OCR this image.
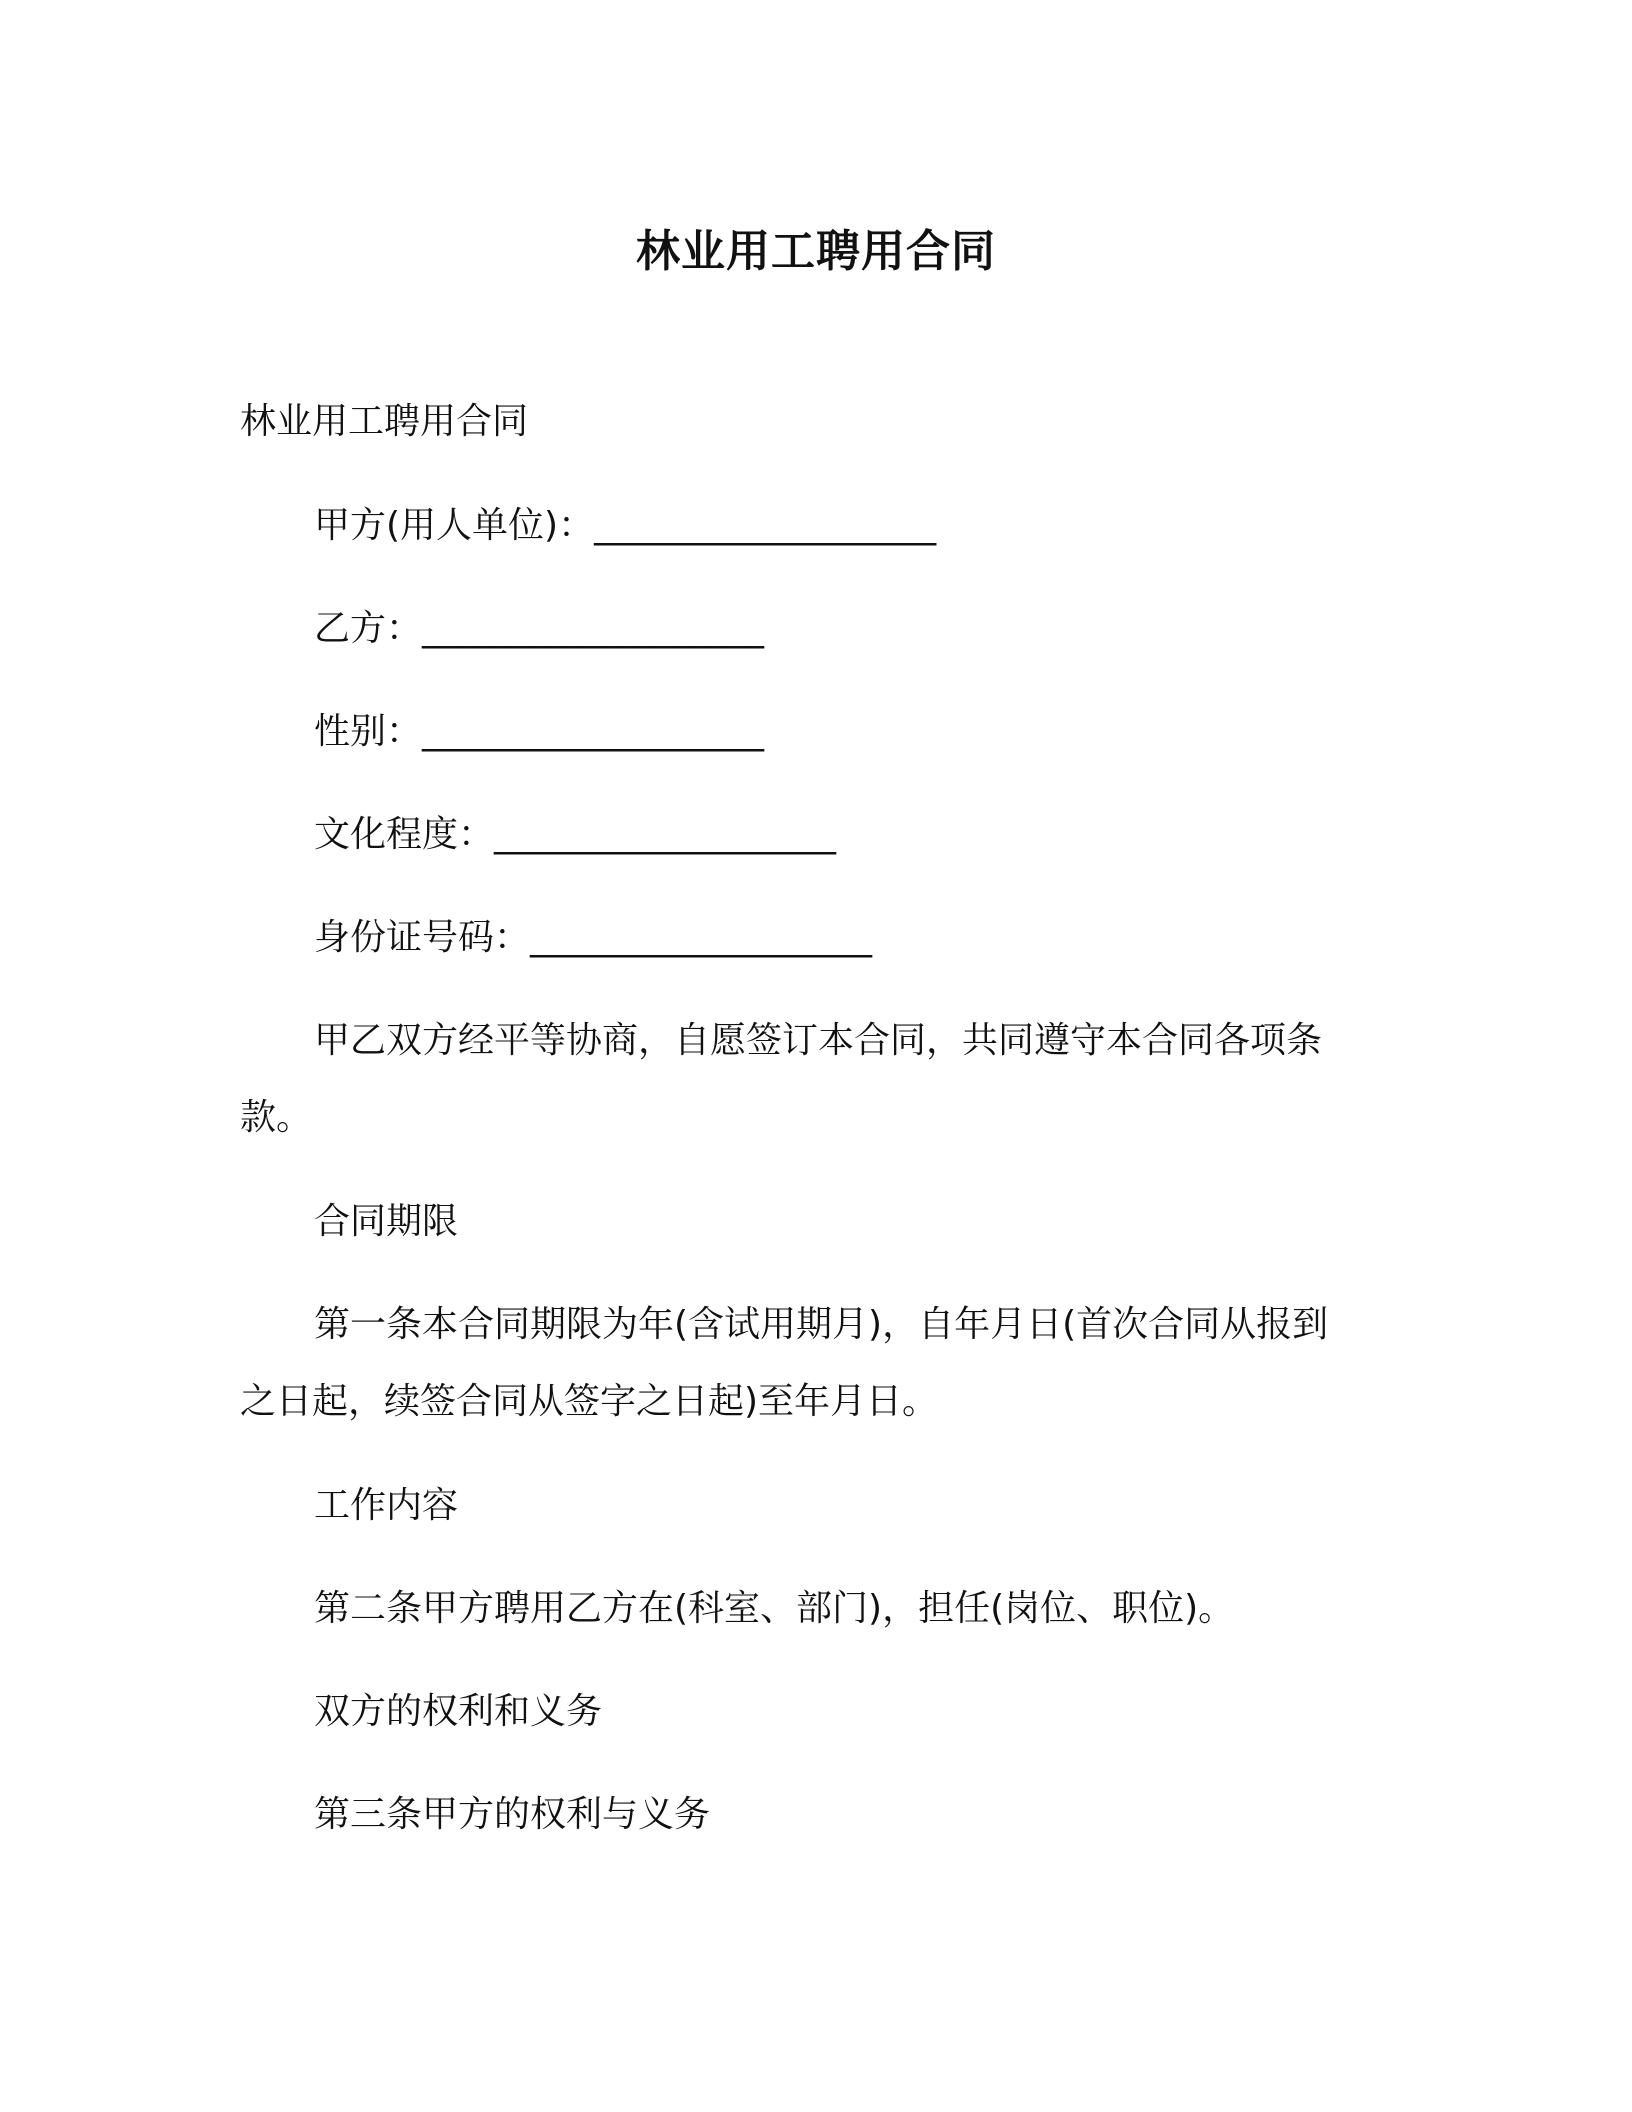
林业用工聘用合同
林业用工聘用合同
甲方(用人单位)：___________________
乙方：___________________
性别：___________________
文化程度：___________________
身份证号码：___________________
甲乙双方经平等协商，自愿签订本合同，共同遵守本合同各项条
款。
合同期限
第一条本合同期限为年(含试用期月)，自年月日(首次合同从报到
之日起，续签合同从签字之日起)至年月日。
工作内容
第二条甲方聘用乙方在(科室、部门)，担任(岗位、职位)。
双方的权利和义务
第三条甲方的权利与义务
